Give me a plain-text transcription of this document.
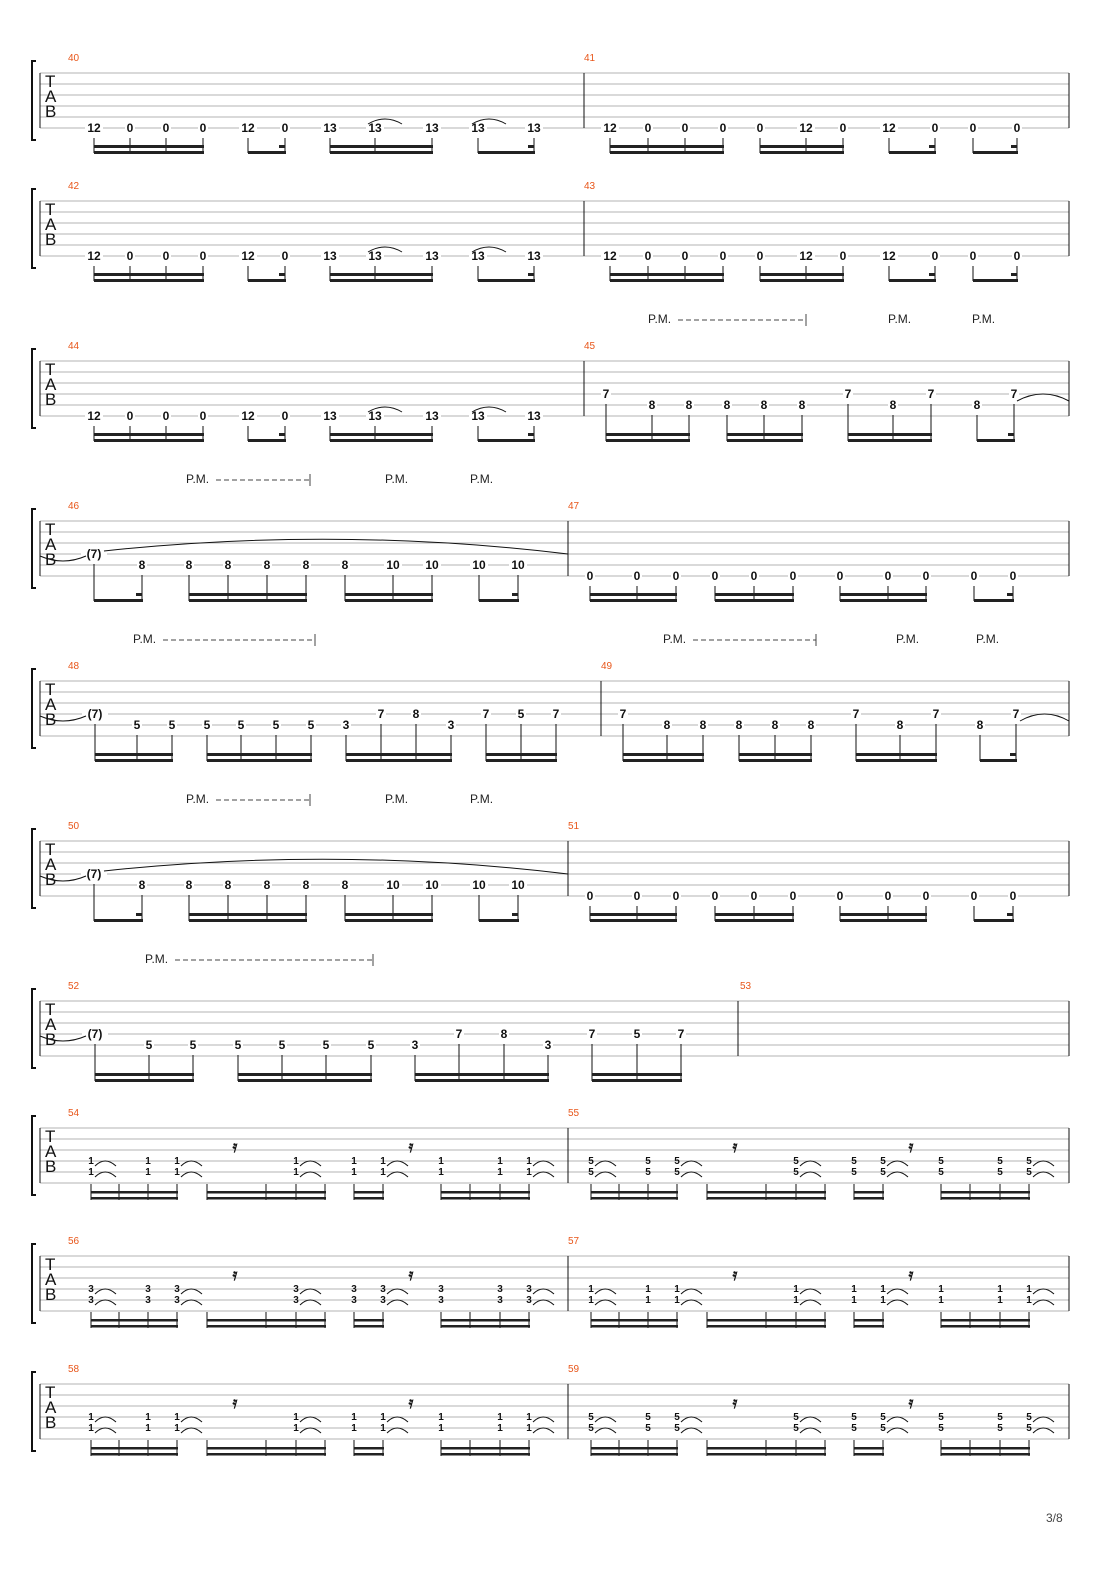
T
A
B
40	41
T
A
B
42	43
T
A
B
44	45
T
A
B
46	47
T
A
B
48	49
T
A
B
50	51
T
A
B
52	53
T
A
B
54	55
T
A
B
56	57
T
A
B
58	59
12 0 0	0	12 0	13	13	13	13	13
12 0 0	0	12 0	13	13	13	13	13
12 0 0	0	12 0	13	13	13	13	13
12 0	0	0	0	12 0	12	0	0	0
12 0	0	0	0	12 0	12	0	0	0
7
8	8	8	8	8
7
8
7
8
7
P.M.	P.M.	P.M.
(7)
8	8	8	8	8	8	10 10	10 10
0	0	0	0	0	0	0	0	0	0	0
P.M.	P.M.	P.M.
(7)
5 5 5 5 5 5 3
7 8
3
7 5 7	7
8 8 8 8 8
7
8
7
8
7
P.M.	P.M.	P.M.	P.M.
(7)
8	8	8	8	8	8	10 10	10 10
0	0	0	0	0	0	0	0	0	0	0
P.M.	P.M.	P.M.
(7)
5	5	5	5	5	5	3
7	8
3
7	5	7
P.M.
1
1
1
1
1
1
1
1
1
1
1
1
1
1
1
1
1
1
𝄿	𝄿
5
5
5
5
5
5
5
5
5
5
5
5
5
5
5
5
5
5
𝄿	𝄿
3
3
3
3
3
3
3
3
3
3
3
3
3
3
3
3
3
3
𝄿	𝄿
1
1
1
1
1
1
1
1
1
1
1
1
1
1
1
1
1
1
𝄿	𝄿
1
1
1
1
1
1
1
1
1
1
1
1
1
1
1
1
1
1
𝄿	𝄿
5
5
5
5
5
5
5
5
5
5
5
5
5
5
5
5
5
5
𝄿	𝄿
3/8
